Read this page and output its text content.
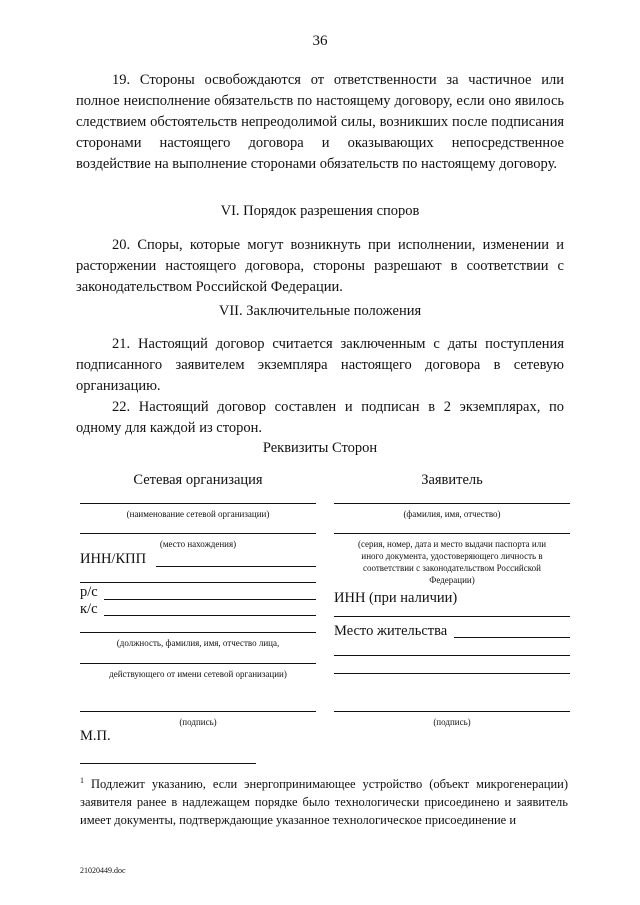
36
19. Стороны освобождаются от ответственности за частичное или полное неисполнение обязательств по настоящему договору, если оно явилось следствием обстоятельств непреодолимой силы, возникших после подписания сторонами настоящего договора и оказывающих непосредственное воздействие на выполнение сторонами обязательств по настоящему договору.
VI. Порядок разрешения споров
20. Споры, которые могут возникнуть при исполнении, изменении и расторжении настоящего договора, стороны разрешают в соответствии с законодательством Российской Федерации.
VII. Заключительные положения
21. Настоящий договор считается заключенным с даты поступления подписанного заявителем экземпляра настоящего договора в сетевую организацию.
22. Настоящий договор составлен и подписан в 2 экземплярах, по одному для каждой из сторон.
Реквизиты Сторон
Сетевая организация
(наименование сетевой организации)
(место нахождения)
ИНН/КПП
р/с
к/с
(должность, фамилия, имя, отчество лица,
действующего от имени сетевой организации)
(подпись)
М.П.
Заявитель
(фамилия, имя, отчество)
(серия, номер, дата и место выдачи паспорта или иного документа, удостоверяющего личность в соответствии с законодательством Российской Федерации)
ИНН (при наличии)
Место жительства
(подпись)
$^1$ Подлежит указанию, если энергопринимающее устройство (объект микрогенерации) заявителя ранее в надлежащем порядке было технологически присоединено и заявитель имеет документы, подтверждающие указанное технологическое присоединение и
21020449.doc
